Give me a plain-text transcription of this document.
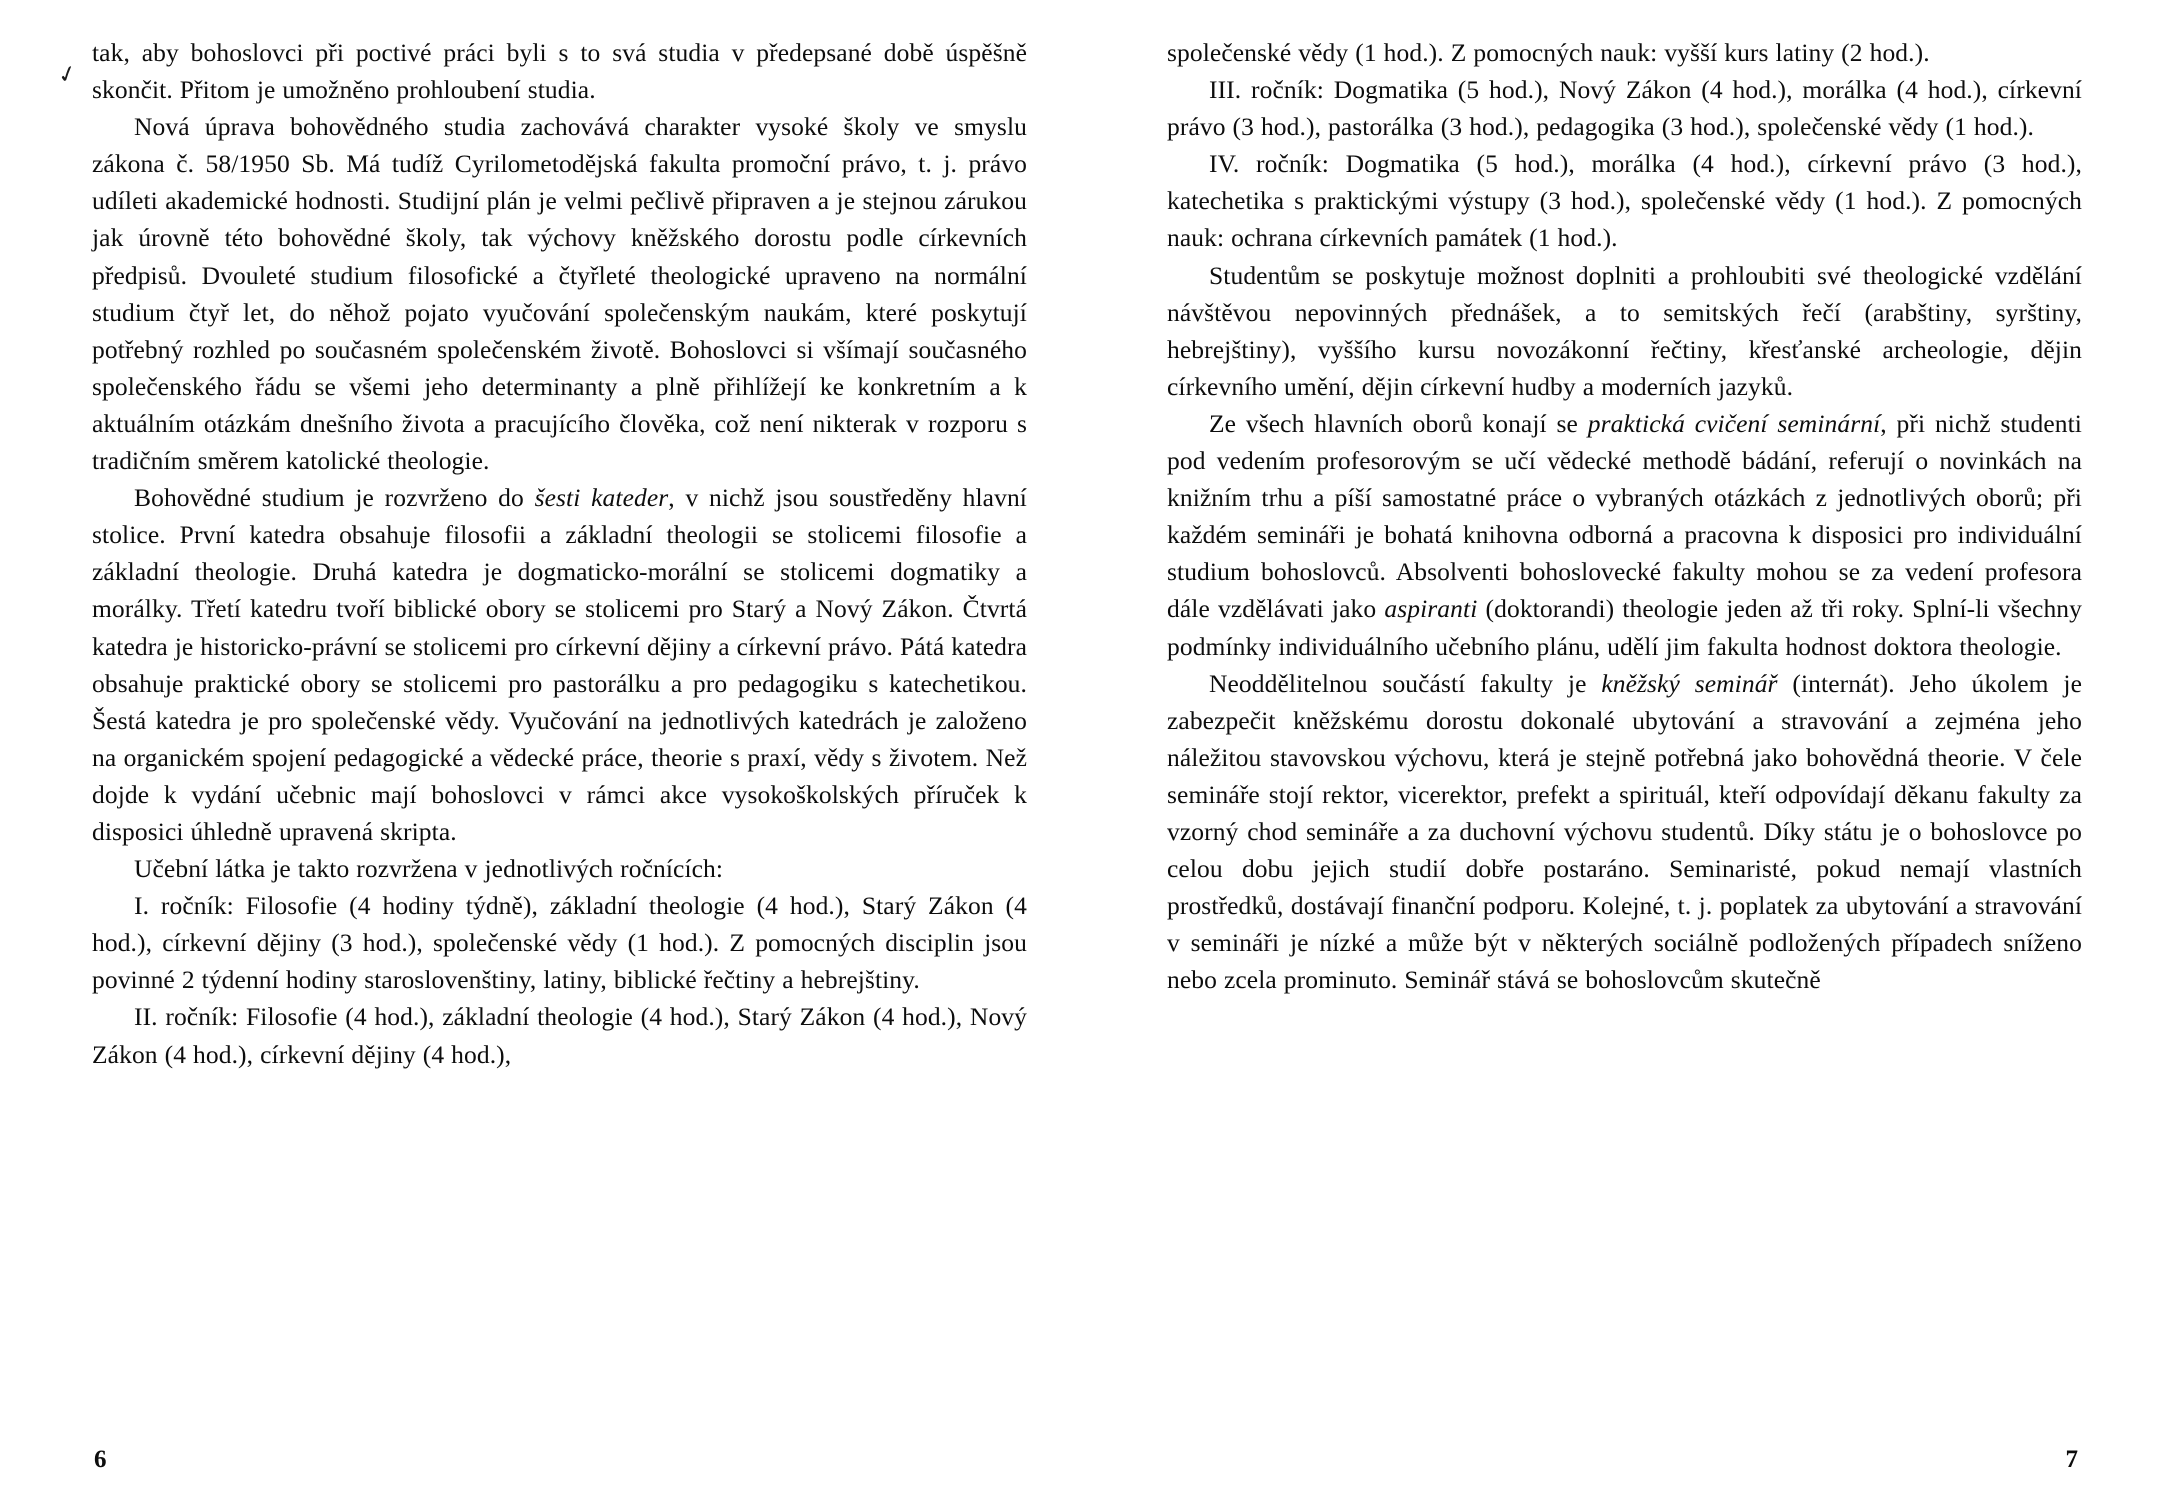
✓

tak, aby bohoslovci při poctivé práci byli s to svá studia v předepsané době úspěšně skončit. Přitom je umožněno prohloubení studia.

Nová úprava bohovědného studia zachovává charakter vysoké školy ve smyslu zákona č. 58/1950 Sb. Má tudíž Cyrilometodějská fakulta promoční právo, t. j. právo udíleti akademické hodnosti. Studijní plán je velmi pečlivě připraven a je stejnou zárukou jak úrovně této bohovědné školy, tak výchovy kněžského dorostu podle církevních předpisů. Dvouleté studium filosofické a čtyřleté theologické upraveno na normální studium čtyř let, do něhož pojato vyučování společenským naukám, které poskytují potřebný rozhled po současném společenském životě. Bohoslovci si všímají současného společenského řádu se všemi jeho determinanty a plně přihlížejí ke konkretním a k aktuálním otázkám dnešního života a pracujícího člověka, což není nikterak v rozporu s tradičním směrem katolické theologie.

Bohovědné studium je rozvrženo do šesti kateder, v nichž jsou soustředěny hlavní stolice. První katedra obsahuje filosofii a základní theologii se stolicemi filosofie a základní theologie. Druhá katedra je dogmaticko-morální se stolicemi dogmatiky a morálky. Třetí katedru tvoří biblické obory se stolicemi pro Starý a Nový Zákon. Čtvrtá katedra je historicko-právní se stolicemi pro církevní dějiny a církevní právo. Pátá katedra obsahuje praktické obory se stolicemi pro pastorálku a pro pedagogiku s katechetikou. Šestá katedra je pro společenské vědy. Vyučování na jednotlivých katedrách je založeno na organickém spojení pedagogické a vědecké práce, theorie s praxí, vědy s životem. Než dojde k vydání učebnic mají bohoslovci v rámci akce vysokoškolských příruček k disposici úhledně upravená skripta.

Učební látka je takto rozvržena v jednotlivých ročnících:

I. ročník: Filosofie (4 hodiny týdně), základní theologie (4 hod.), Starý Zákon (4 hod.), církevní dějiny (3 hod.), společenské vědy (1 hod.). Z pomocných disciplin jsou povinné 2 týdenní hodiny staroslovenštiny, latiny, biblické řečtiny a hebrejštiny.

II. ročník: Filosofie (4 hod.), základní theologie (4 hod.), Starý Zákon (4 hod.), Nový Zákon (4 hod.), církevní dějiny (4 hod.),

6

společenské vědy (1 hod.). Z pomocných nauk: vyšší kurs latiny (2 hod.).

III. ročník: Dogmatika (5 hod.), Nový Zákon (4 hod.), morálka (4 hod.), církevní právo (3 hod.), pastorálka (3 hod.), pedagogika (3 hod.), společenské vědy (1 hod.).

IV. ročník: Dogmatika (5 hod.), morálka (4 hod.), církevní právo (3 hod.), katechetika s praktickými výstupy (3 hod.), společenské vědy (1 hod.). Z pomocných nauk: ochrana církevních památek (1 hod.).

Studentům se poskytuje možnost doplniti a prohloubiti své theologické vzdělání návštěvou nepovinných přednášek, a to semitských řečí (arabštiny, syrštiny, hebrejštiny), vyššího kursu novozákonní řečtiny, křesťanské archeologie, dějin církevního umění, dějin církevní hudby a moderních jazyků.

Ze všech hlavních oborů konají se praktická cvičení seminární, při nichž studenti pod vedením profesorovým se učí vědecké methodě bádání, referují o novinkách na knižním trhu a píší samostatné práce o vybraných otázkách z jednotlivých oborů; při každém semináři je bohatá knihovna odborná a pracovna k disposici pro individuální studium bohoslovců. Absolventi bohoslovecké fakulty mohou se za vedení profesora dále vzdělávati jako aspiranti (doktorandi) theologie jeden až tři roky. Splní-li všechny podmínky individuálního učebního plánu, udělí jim fakulta hodnost doktora theologie.

Neoddělitelnou součástí fakulty je kněžský seminář (internát). Jeho úkolem je zabezpečit kněžskému dorostu dokonalé ubytování a stravování a zejména jeho náležitou stavovskou výchovu, která je stejně potřebná jako bohovědná theorie. V čele semináře stojí rektor, vicerektor, prefekt a spirituál, kteří odpovídají děkanu fakulty za vzorný chod semináře a za duchovní výchovu studentů. Díky státu je o bohoslovce po celou dobu jejich studií dobře postaráno. Seminaristé, pokud nemají vlastních prostředků, dostávají finanční podporu. Kolejné, t. j. poplatek za ubytování a stravování v semináři je nízké a může být v některých sociálně podložených případech sníženo nebo zcela prominuto. Seminář stává se bohoslovcům skutečně

7
